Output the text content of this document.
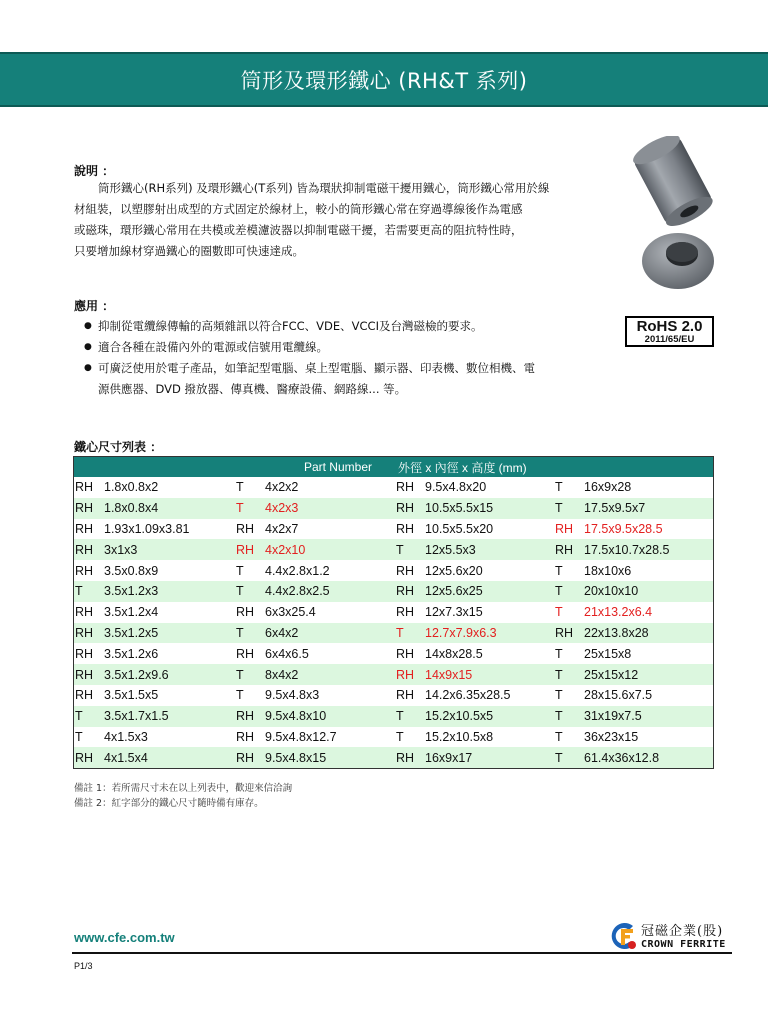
筒形及環形鐵心 (RH&T 系列)
說明 ：

筒形鐵心(RH系列) 及環形鐵心(T系列) 皆為環狀抑制電磁干擾用鐵心，筒形鐵心常用於線

材組裝，以塑膠射出成型的方式固定於線材上，較小的筒形鐵心常在穿過導線後作為電感

或磁珠，環形鐵心常用在共模或差模濾波器以抑制電磁干擾，若需要更高的阻抗特性時，

只要增加線材穿過鐵心的圈數即可快速達成。

RoHS 2.0
2011/65/EU
應用 ：
● 抑制從電纜線傳輸的高頻雜訊以符合FCC、VDE、VCCI及台灣磁檢的要求。
● 適合各種在設備內外的電源或信號用電纜線。
● 可廣泛使用於電子產品，如筆記型電腦、桌上型電腦、顯示器、印表機、數位相機、電
源供應器、DVD 撥放器、傳真機、醫療設備、網路線... 等。
鐵心尺寸列表 ：
Part Number				外徑 x 內徑 x 高度 (mm)			
RH	1.8x0.8x2	T	4x2x2	RH	9.5x4.8x20	T	16x9x28
RH	1.8x0.8x4	T	4x2x3	RH	10.5x5.5x15	T	17.5x9.5x7
RH	1.93x1.09x3.81	RH	4x2x7	RH	10.5x5.5x20	RH	17.5x9.5x28.5
RH	3x1x3	RH	4x2x10	T	12x5.5x3	RH	17.5x10.7x28.5
RH	3.5x0.8x9	T	4.4x2.8x1.2	RH	12x5.6x20	T	18x10x6
T	3.5x1.2x3	T	4.4x2.8x2.5	RH	12x5.6x25	T	20x10x10
RH	3.5x1.2x4	RH	6x3x25.4	RH	12x7.3x15	T	21x13.2x6.4
RH	3.5x1.2x5	T	6x4x2	T	12.7x7.9x6.3	RH	22x13.8x28
RH	3.5x1.2x6	RH	6x4x6.5	RH	14x8x28.5	T	25x15x8
RH	3.5x1.2x9.6	T	8x4x2	RH	14x9x15	T	25x15x12
RH	3.5x1.5x5	T	9.5x4.8x3	RH	14.2x6.35x28.5	T	28x15.6x7.5
T	3.5x1.7x1.5	RH	9.5x4.8x10	T	15.2x10.5x5	T	31x19x7.5
T	4x1.5x3	RH	9.5x4.8x12.7	T	15.2x10.5x8	T	36x23x15
RH	4x1.5x4	RH	9.5x4.8x15	RH	16x9x17	T	61.4x36x12.8

備註 1：若所需尺寸未在以上列表中，歡迎來信洽詢

備註 2：紅字部分的鐵心尺寸隨時備有庫存。

www.cfe.com.tw
P1/3
冠磁企業(股)
CROWN FERRITE
